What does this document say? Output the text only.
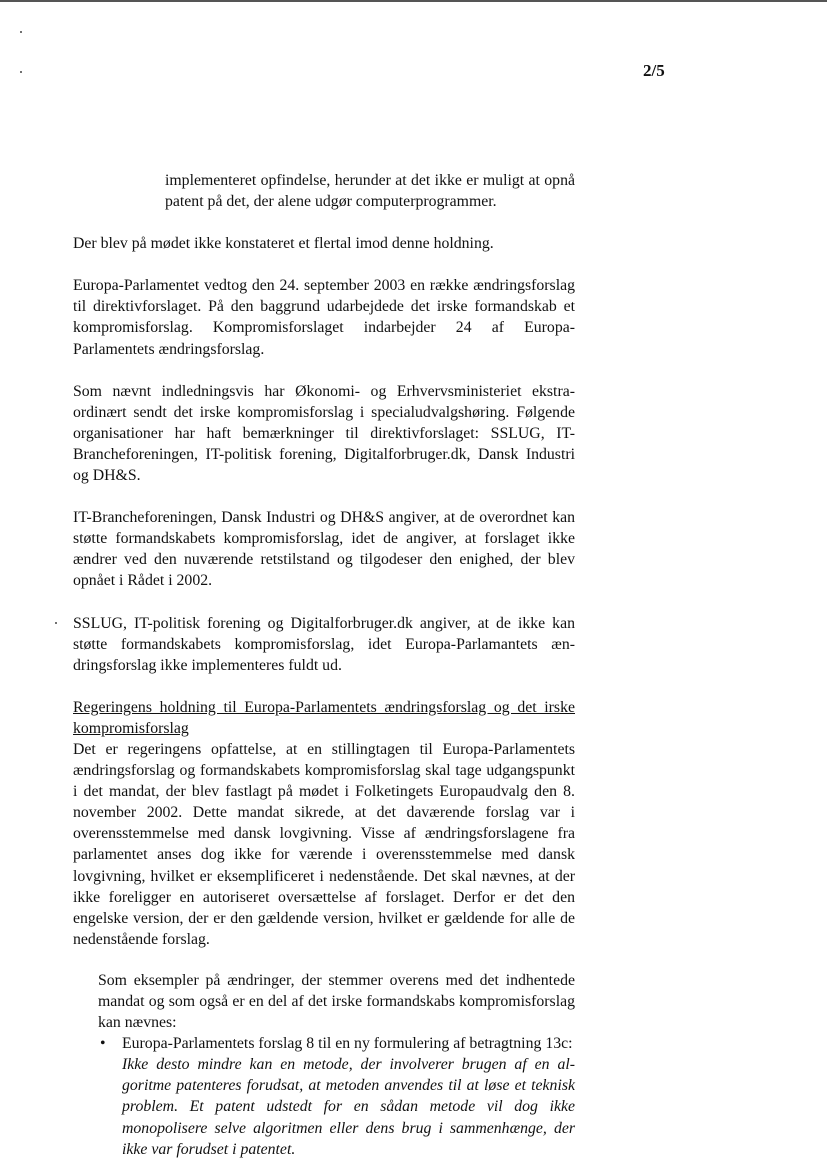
2/5

implementeret opfindelse, herunder at det ikke er muligt at opnå patent på det, der alene udgør computerprogrammer.

Der blev på mødet ikke konstateret et flertal imod denne holdning.

Europa-Parlamentet vedtog den 24. september 2003 en række ændringsforslag til direktivforslaget. På den baggrund udarbejdede det irske formandskab et kompromisforslag. Kompromisforslaget indarbejder 24 af Europa-Parlamentets ændringsforslag.

Som nævnt indledningsvis har Økonomi- og Erhvervsministeriet ekstraordinært sendt det irske kompromisforslag i specialudvalgshøring. Følgende organisationer har haft bemærkninger til direktivforslaget: SSLUG, IT-Brancheforeningen, IT-politisk forening, Digitalforbruger.dk, Dansk Industri og DH&S.

IT-Brancheforeningen, Dansk Industri og DH&S angiver, at de overordnet kan støtte formandskabets kompromisforslag, idet de angiver, at forslaget ikke ændrer ved den nuværende retstilstand og tilgodeser den enighed, der blev opnået i Rådet i 2002.

SSLUG, IT-politisk forening og Digitalforbruger.dk angiver, at de ikke kan støtte formandskabets kompromisforslag, idet Europa-Parlamantets ændringsforslag ikke implementeres fuldt ud.

Regeringens holdning til Europa-Parlamentets ændringsforslag og det irske kompromisforslag

Det er regeringens opfattelse, at en stillingtagen til Europa-Parlamentets ændringsforslag og formandskabets kompromisforslag skal tage udgangspunkt i det mandat, der blev fastlagt på mødet i Folketingets Europaudvalg den 8. november 2002. Dette mandat sikrede, at det daværende forslag var i overensstemmelse med dansk lovgivning. Visse af ændringsforslagene fra parlamentet anses dog ikke for værende i overensstemmelse med dansk lovgivning, hvilket er eksemplificeret i nedenstående. Det skal nævnes, at der ikke foreligger en autoriseret oversættelse af forslaget. Derfor er det den engelske version, der er den gældende version, hvilket er gældende for alle de nedenstående forslag.

Som eksempler på ændringer, der stemmer overens med det indhentede mandat og som også er en del af det irske formandskabs kompromisforslag kan nævnes:

• Europa-Parlamentets forslag 8 til en ny formulering af betragtning 13c:

Ikke desto mindre kan en metode, der involverer brugen af en algoritme patenteres forudsat, at metoden anvendes til at løse et teknisk problem. Et patent udstedt for en sådan metode vil dog ikke monopolisere selve algoritmen eller dens brug i sammenhænge, der ikke var forudset i patentet.
